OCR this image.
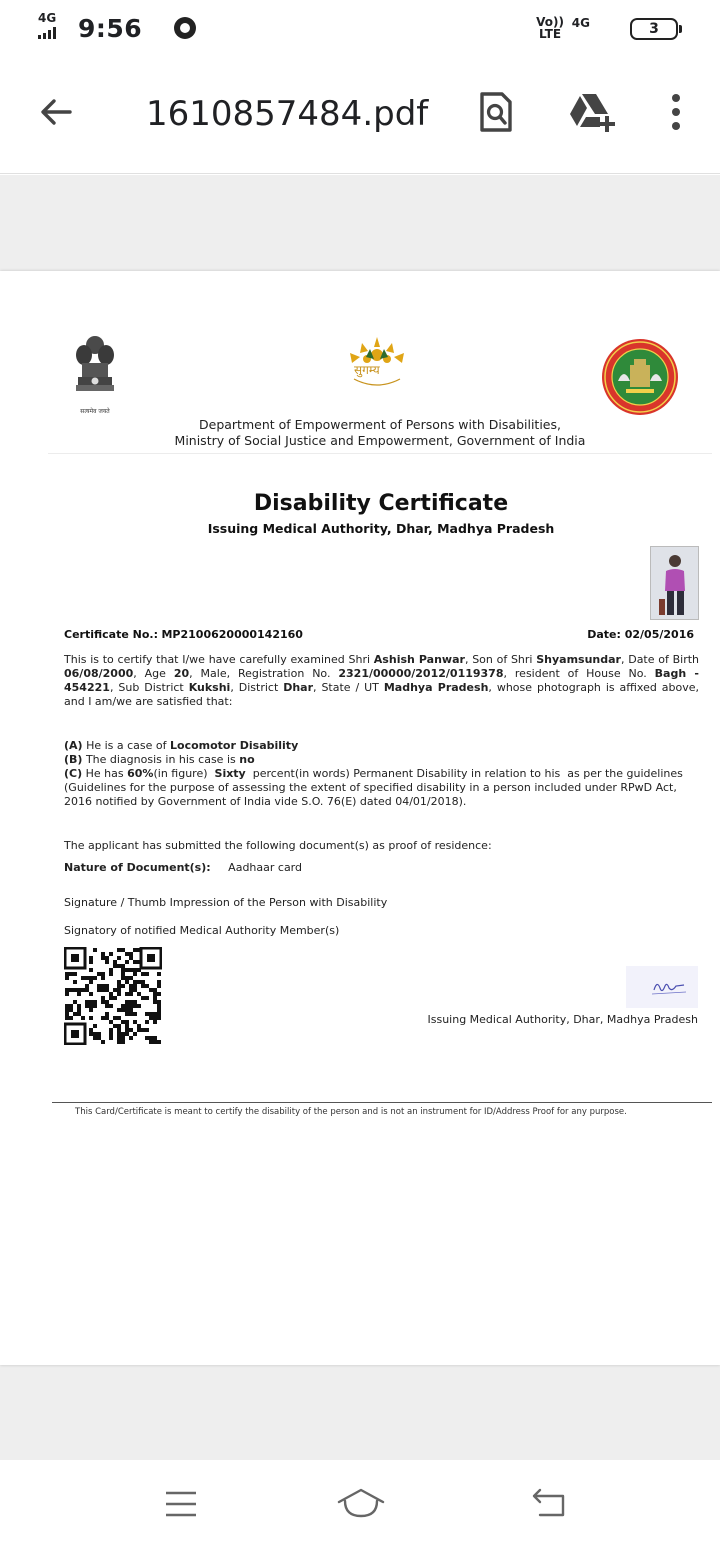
4G 9:56	Vo))
LTE
4G	3
1610857484.pdf
सत्यमेव जयते
सुगम्य
Department of Empowerment of Persons with Disabilities,
Ministry of Social Justice and Empowerment, Government of India
Disability Certificate
Issuing Medical Authority, Dhar, Madhya Pradesh
Certificate No.: MP2100620000142160	Date: 02/05/2016
This is to certify that I/we have carefully examined Shri Ashish Panwar, Son of Shri Shyamsundar, Date of Birth 06/08/2000, Age 20, Male, Registration No. 2321/00000/2012/0119378, resident of House No. Bagh - 454221, Sub District Kukshi, District Dhar, State / UT Madhya Pradesh, whose photograph is affixed above, and I am/we are satisfied that:
(A) He is a case of Locomotor Disability
(B) The diagnosis in his case is no
(C) He has 60%(in figure)  Sixty  percent(in words) Permanent Disability in relation to his  as per the guidelines
(Guidelines for the purpose of assessing the extent of specified disability in a person included under RPwD Act, 2016 notified by Government of India vide S.O. 76(E) dated 04/01/2018).
The applicant has submitted the following document(s) as proof of residence:
Nature of Document(s): Aadhaar card
Signature / Thumb Impression of the Person with Disability
Signatory of notified Medical Authority Member(s)
Issuing Medical Authority, Dhar, Madhya Pradesh
This Card/Certificate is meant to certify the disability of the person and is not an instrument for ID/Address Proof for any purpose.
